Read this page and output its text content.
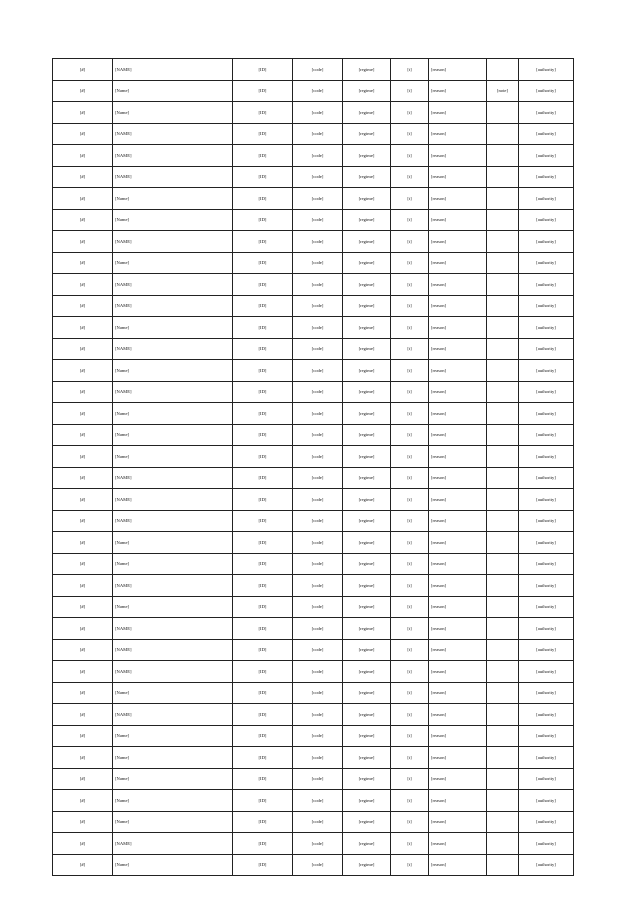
[#]	[NAME]	[ID]	[code]	[regime]	[t]	[reason]		[authority]
[#]	[Name]	[ID]	[code]	[regime]	[t]	[reason]	[note]	[authority]
[#]	[Name]	[ID]	[code]	[regime]	[t]	[reason]		[authority]
[#]	[NAME]	[ID]	[code]	[regime]	[t]	[reason]		[authority]
[#]	[NAME]	[ID]	[code]	[regime]	[t]	[reason]		[authority]
[#]	[NAME]	[ID]	[code]	[regime]	[t]	[reason]		[authority]
[#]	[Name]	[ID]	[code]	[regime]	[t]	[reason]		[authority]
[#]	[Name]	[ID]	[code]	[regime]	[t]	[reason]		[authority]
[#]	[NAME]	[ID]	[code]	[regime]	[t]	[reason]		[authority]
[#]	[Name]	[ID]	[code]	[regime]	[t]	[reason]		[authority]
[#]	[NAME]	[ID]	[code]	[regime]	[t]	[reason]		[authority]
[#]	[NAME]	[ID]	[code]	[regime]	[t]	[reason]		[authority]
[#]	[Name]	[ID]	[code]	[regime]	[t]	[reason]		[authority]
[#]	[NAME]	[ID]	[code]	[regime]	[t]	[reason]		[authority]
[#]	[Name]	[ID]	[code]	[regime]	[t]	[reason]		[authority]
[#]	[NAME]	[ID]	[code]	[regime]	[t]	[reason]		[authority]
[#]	[Name]	[ID]	[code]	[regime]	[t]	[reason]		[authority]
[#]	[Name]	[ID]	[code]	[regime]	[t]	[reason]		[authority]
[#]	[Name]	[ID]	[code]	[regime]	[t]	[reason]		[authority]
[#]	[NAME]	[ID]	[code]	[regime]	[t]	[reason]		[authority]
[#]	[NAME]	[ID]	[code]	[regime]	[t]	[reason]		[authority]
[#]	[NAME]	[ID]	[code]	[regime]	[t]	[reason]		[authority]
[#]	[Name]	[ID]	[code]	[regime]	[t]	[reason]		[authority]
[#]	[Name]	[ID]	[code]	[regime]	[t]	[reason]		[authority]
[#]	[NAME]	[ID]	[code]	[regime]	[t]	[reason]		[authority]
[#]	[Name]	[ID]	[code]	[regime]	[t]	[reason]		[authority]
[#]	[NAME]	[ID]	[code]	[regime]	[t]	[reason]		[authority]
[#]	[NAME]	[ID]	[code]	[regime]	[t]	[reason]		[authority]
[#]	[NAME]	[ID]	[code]	[regime]	[t]	[reason]		[authority]
[#]	[Name]	[ID]	[code]	[regime]	[t]	[reason]		[authority]
[#]	[NAME]	[ID]	[code]	[regime]	[t]	[reason]		[authority]
[#]	[Name]	[ID]	[code]	[regime]	[t]	[reason]		[authority]
[#]	[Name]	[ID]	[code]	[regime]	[t]	[reason]		[authority]
[#]	[Name]	[ID]	[code]	[regime]	[t]	[reason]		[authority]
[#]	[Name]	[ID]	[code]	[regime]	[t]	[reason]		[authority]
[#]	[Name]	[ID]	[code]	[regime]	[t]	[reason]		[authority]
[#]	[NAME]	[ID]	[code]	[regime]	[t]	[reason]		[authority]
[#]	[Name]	[ID]	[code]	[regime]	[t]	[reason]		[authority]
